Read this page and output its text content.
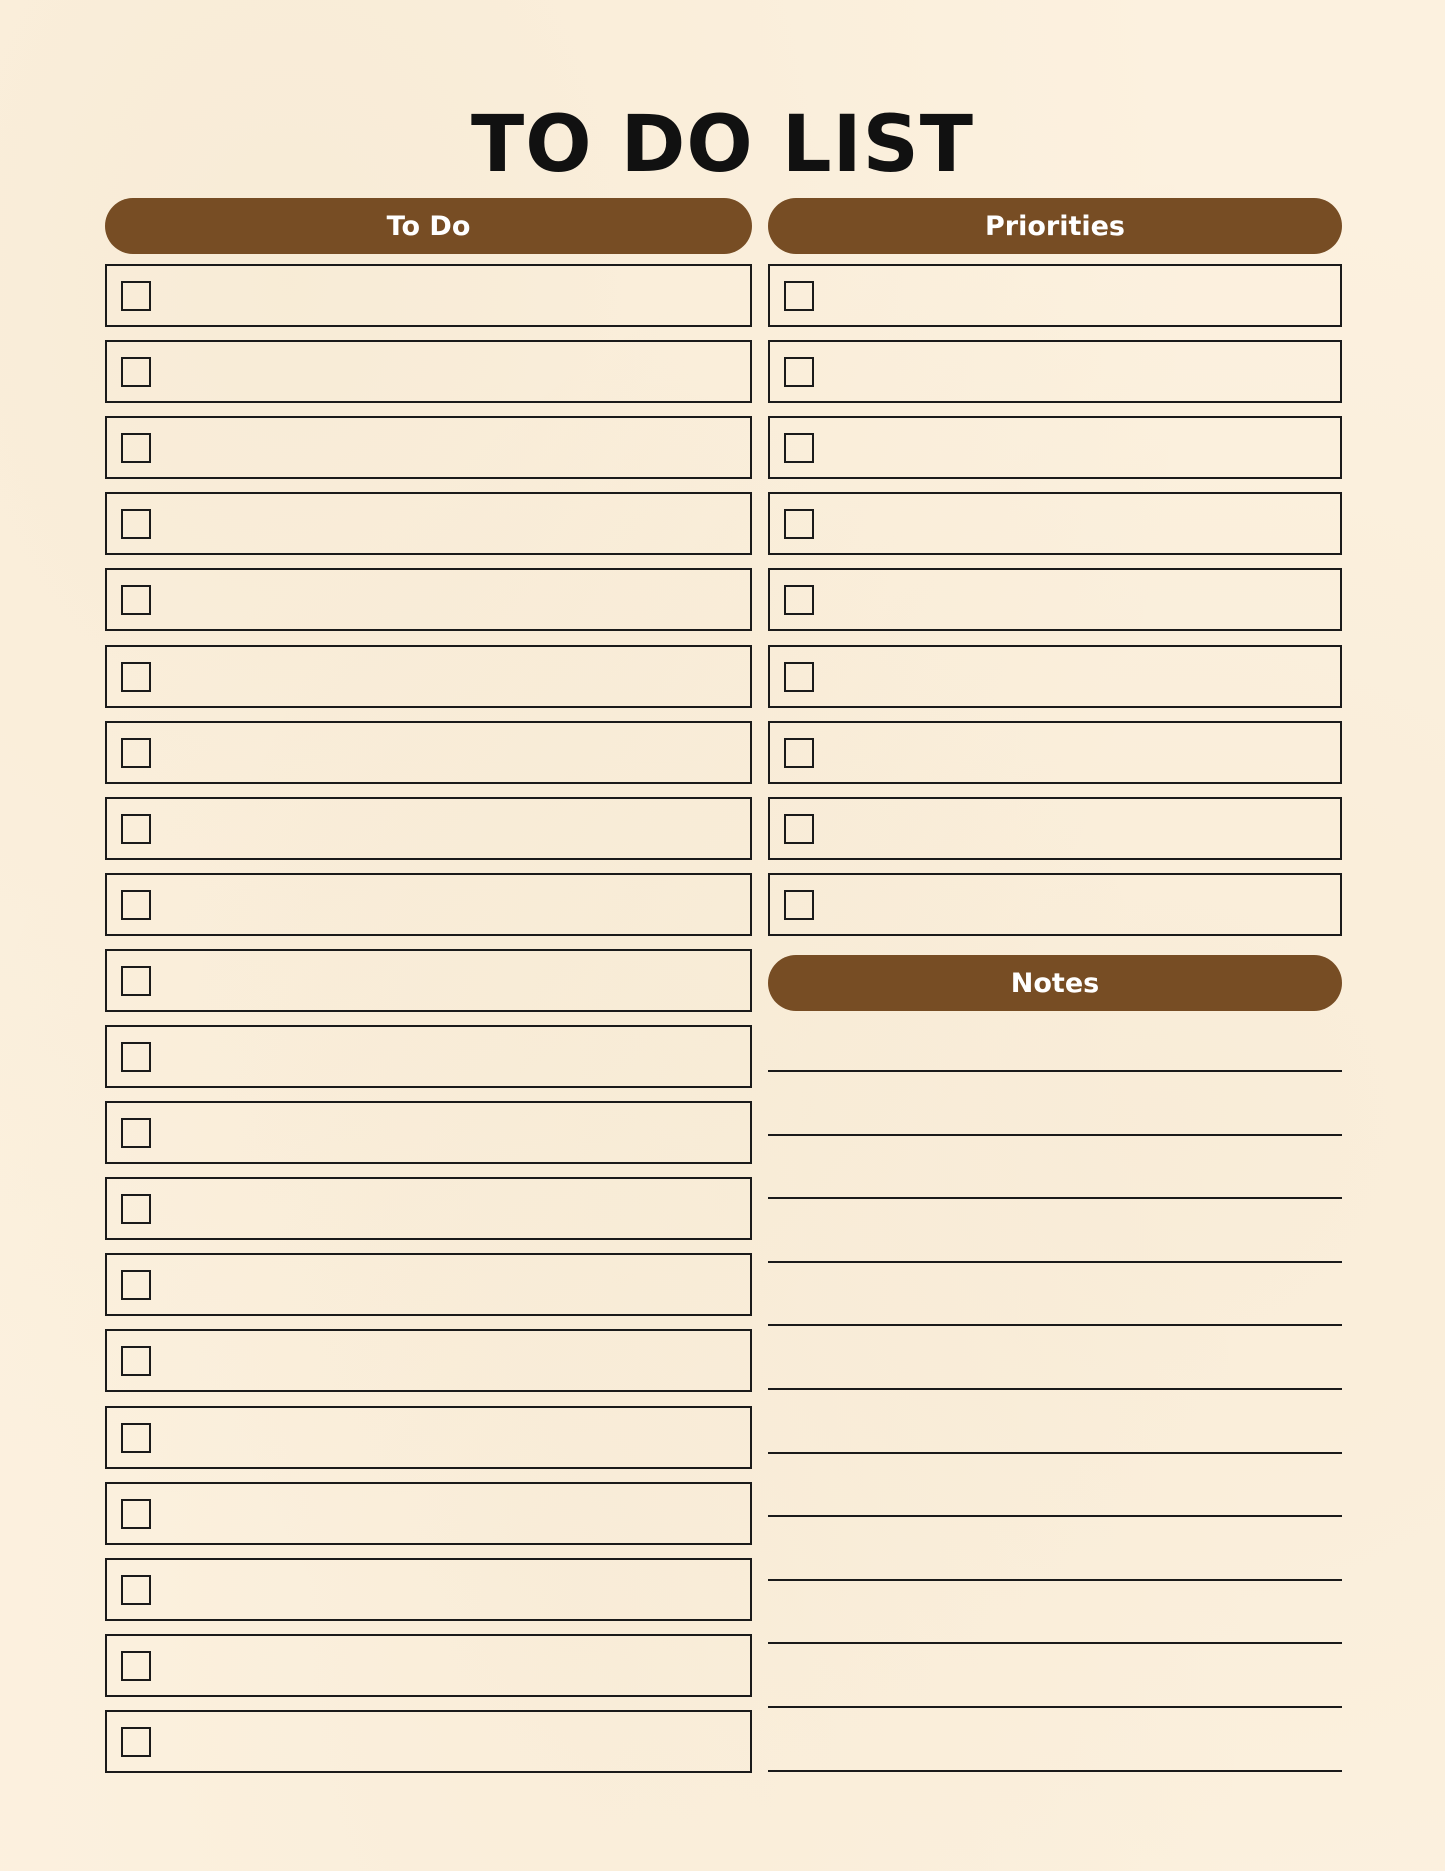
TO DO LIST
To Do	Priorities
Notes
